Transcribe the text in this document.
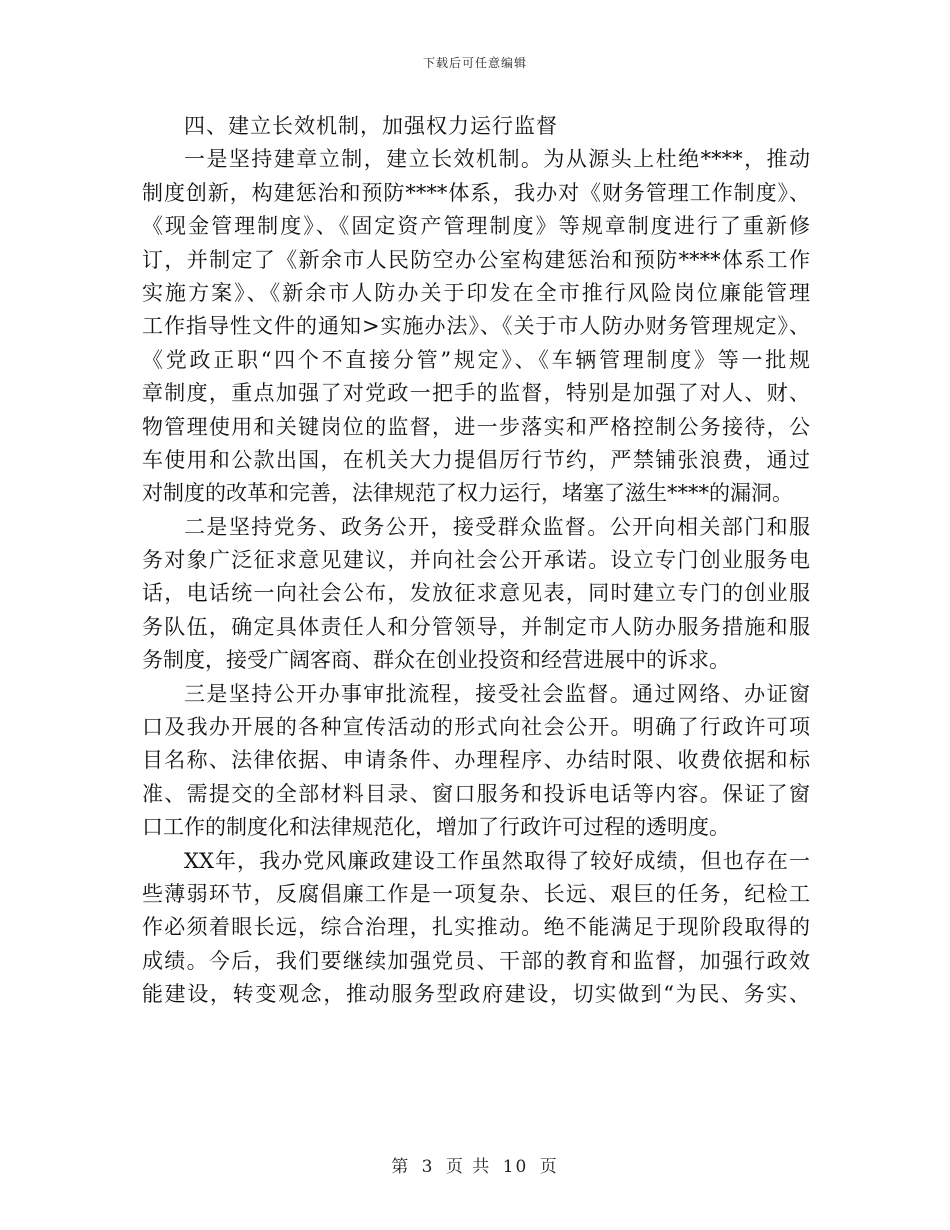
下载后可任意编辑
四、建立长效机制，加强权力运行监督
一是坚持建章立制，建立长效机制。为从源头上杜绝****，推动
制度创新，构建惩治和预防****体系，我办对《财务管理工作制度》、
《现金管理制度》、《固定资产管理制度》等规章制度进行了重新修
订，并制定了《新余市人民防空办公室构建惩治和预防****体系工作
实施方案》、《新余市人防办关于印发在全市推行风险岗位廉能管理
工作指导性文件的通知>实施办法》、《关于市人防办财务管理规定》、
《党政正职“四个不直接分管”规定》、《车辆管理制度》等一批规
章制度，重点加强了对党政一把手的监督，特别是加强了对人、财、
物管理使用和关键岗位的监督，进一步落实和严格控制公务接待，公
车使用和公款出国，在机关大力提倡厉行节约，严禁铺张浪费，通过
对制度的改革和完善，法律规范了权力运行，堵塞了滋生****的漏洞。
二是坚持党务、政务公开，接受群众监督。公开向相关部门和服
务对象广泛征求意见建议，并向社会公开承诺。设立专门创业服务电
话，电话统一向社会公布，发放征求意见表，同时建立专门的创业服
务队伍，确定具体责任人和分管领导，并制定市人防办服务措施和服
务制度，接受广阔客商、群众在创业投资和经营进展中的诉求。
三是坚持公开办事审批流程，接受社会监督。通过网络、办证窗
口及我办开展的各种宣传活动的形式向社会公开。明确了行政许可项
目名称、法律依据、申请条件、办理程序、办结时限、收费依据和标
准、需提交的全部材料目录、窗口服务和投诉电话等内容。保证了窗
口工作的制度化和法律规范化，增加了行政许可过程的透明度。
XX年，我办党风廉政建设工作虽然取得了较好成绩，但也存在一
些薄弱环节，反腐倡廉工作是一项复杂、长远、艰巨的任务，纪检工
作必须着眼长远，综合治理，扎实推动。绝不能满足于现阶段取得的
成绩。今后，我们要继续加强党员、干部的教育和监督，加强行政效
能建设，转变观念，推动服务型政府建设，切实做到“为民、务实、
第 3 页 共 10 页
